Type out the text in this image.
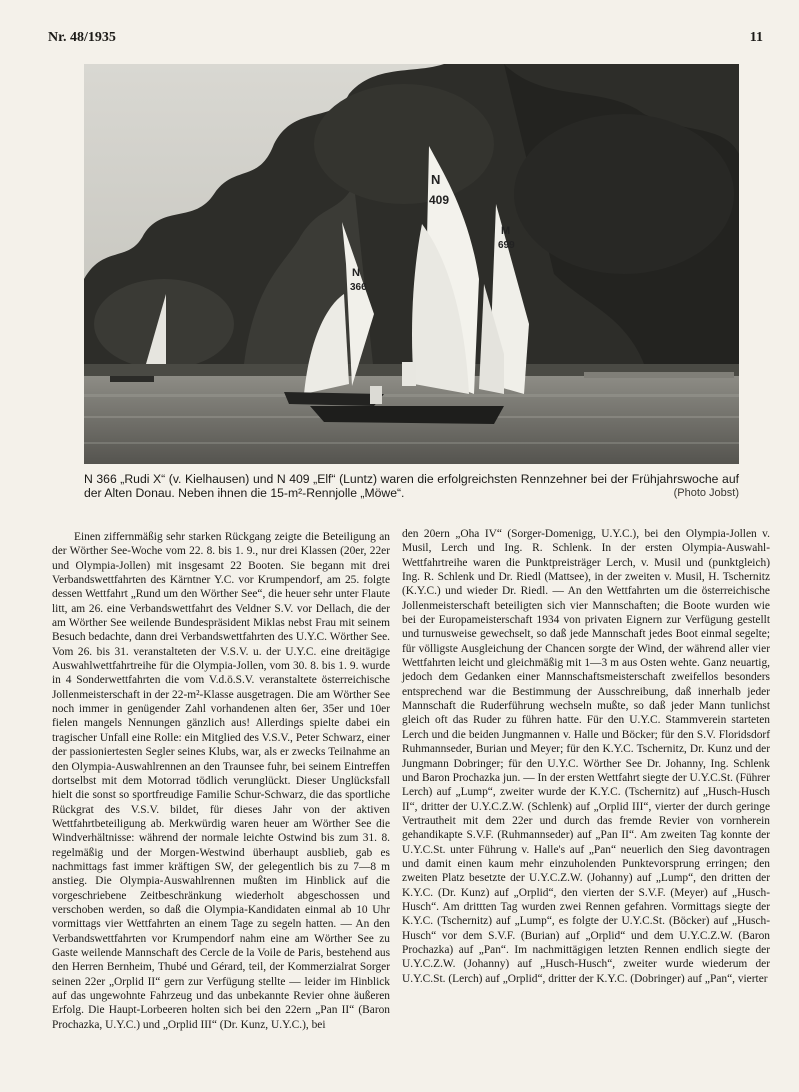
Nr. 48/1935	11
N
366
N
409
M
699
N 366 „Rudi X“ (v. Kielhausen) und N 409 „Elf“ (Luntz) waren die erfolgreichsten Rennzehner bei der Frühjahrswoche auf der Alten Donau. Neben ihnen die 15-m²-Rennjolle „Möwe“.	(Photo Jobst)

Einen ziffernmäßig sehr starken Rückgang zeigte die Beteiligung an der Wörther See-Woche vom 22. 8. bis 1. 9., nur drei Klassen (20er, 22er und Olympia-Jollen) mit insgesamt 22 Booten. Sie begann mit drei Verbandswettfahrten des Kärntner Y.C. vor Krumpendorf, am 25. folgte dessen Wettfahrt „Rund um den Wörther See“, die heuer sehr unter Flaute litt, am 26. eine Verbandswettfahrt des Veldner S.V. vor Dellach, die der am Wörther See weilende Bundespräsident Miklas nebst Frau mit seinem Besuch bedachte, dann drei Verbandswettfahrten des U.Y.C. Wörther See. Vom 26. bis 31. veranstalteten der V.S.V. u. der U.Y.C. eine dreitägige Auswahlwettfahrtreihe für die Olympia-Jollen, vom 30. 8. bis 1. 9. wurde in 4 Sonderwettfahrten die vom V.d.ö.S.V. veranstaltete österreichische Jollenmeisterschaft in der 22-m²-Klasse ausgetragen. Die am Wörther See noch immer in genügender Zahl vorhandenen alten 6er, 35er und 10er fielen mangels Nennungen gänzlich aus! Allerdings spielte dabei ein tragischer Unfall eine Rolle: ein Mitglied des V.S.V., Peter Schwarz, einer der passioniertesten Segler seines Klubs, war, als er zwecks Teilnahme an den Olympia-Auswahlrennen an den Traunsee fuhr, bei seinem Eintreffen dortselbst mit dem Motorrad tödlich verunglückt. Dieser Unglücksfall hielt die sonst so sportfreudige Familie Schur-Schwarz, die das sportliche Rückgrat des V.S.V. bildet, für dieses Jahr von der aktiven Wettfahrtbeteiligung ab. Merkwürdig waren heuer am Wörther See die Windverhältnisse: während der normale leichte Ostwind bis zum 31. 8. regelmäßig und der Morgen-Westwind überhaupt ausblieb, gab es nachmittags fast immer kräftigen SW, der gelegentlich bis zu 7—8 m anstieg. Die Olympia-Auswahlrennen mußten im Hinblick auf die vorgeschriebene Zeitbeschränkung wiederholt abgeschossen und verschoben werden, so daß die Olympia-Kandidaten einmal ab 10 Uhr vormittags vier Wettfahrten an einem Tage zu segeln hatten. — An den Verbandswettfahrten vor Krumpendorf nahm eine am Wörther See zu Gaste weilende Mannschaft des Cercle de la Voile de Paris, bestehend aus den Herren Bernheim, Thubé und Gérard, teil, der Kommerzialrat Sorger seinen 22er „Orplid II“ gern zur Verfügung stellte — leider im Hinblick auf das ungewohnte Fahrzeug und das unbekannte Revier ohne äußeren Erfolg. Die Haupt-Lorbeeren holten sich bei den 22ern „Pan II“ (Baron Prochazka, U.Y.C.) und „Orplid III“ (Dr. Kunz, U.Y.C.), bei

den 20ern „Oha IV“ (Sorger-Domenigg, U.Y.C.), bei den Olympia-Jollen v. Musil, Lerch und Ing. R. Schlenk. In der ersten Olympia-Auswahl-Wettfahrtreihe waren die Punktpreisträger Lerch, v. Musil und (punktgleich) Ing. R. Schlenk und Dr. Riedl (Mattsee), in der zweiten v. Musil, H. Tschernitz (K.Y.C.) und wieder Dr. Riedl. — An den Wettfahrten um die österreichische Jollenmeisterschaft beteiligten sich vier Mannschaften; die Boote wurden wie bei der Europameisterschaft 1934 von privaten Eignern zur Verfügung gestellt und turnusweise gewechselt, so daß jede Mannschaft jedes Boot einmal segelte; für völligste Ausgleichung der Chancen sorgte der Wind, der während aller vier Wettfahrten leicht und gleichmäßig mit 1—3 m aus Osten wehte. Ganz neuartig, jedoch dem Gedanken einer Mannschaftsmeisterschaft zweifellos besonders entsprechend war die Bestimmung der Ausschreibung, daß innerhalb jeder Mannschaft die Ruderführung wechseln mußte, so daß jeder Mann tunlichst gleich oft das Ruder zu führen hatte. Für den U.Y.C. Stammverein starteten Lerch und die beiden Jungmannen v. Halle und Böcker; für den S.V. Floridsdorf Ruhmannseder, Burian und Meyer; für den K.Y.C. Tschernitz, Dr. Kunz und der Jungmann Dobringer; für den U.Y.C. Wörther See Dr. Johanny, Ing. Schlenk und Baron Prochazka jun. — In der ersten Wettfahrt siegte der U.Y.C.St. (Führer Lerch) auf „Lump“, zweiter wurde der K.Y.C. (Tschernitz) auf „Husch-Husch II“, dritter der U.Y.C.Z.W. (Schlenk) auf „Orplid III“, vierter der durch geringe Vertrautheit mit dem 22er und durch das fremde Revier von vornherein gehandikapte S.V.F. (Ruhmannseder) auf „Pan II“. Am zweiten Tag konnte der U.Y.C.St. unter Führung v. Halle's auf „Pan“ neuerlich den Sieg davontragen und damit einen kaum mehr einzuholenden Punktevorsprung erringen; den zweiten Platz besetzte der U.Y.C.Z.W. (Johanny) auf „Lump“, den dritten der K.Y.C. (Dr. Kunz) auf „Orplid“, den vierten der S.V.F. (Meyer) auf „Husch-Husch“. Am drittten Tag wurden zwei Rennen gefahren. Vormittags siegte der K.Y.C. (Tschernitz) auf „Lump“, es folgte der U.Y.C.St. (Böcker) auf „Husch-Husch“ vor dem S.V.F. (Burian) auf „Orplid“ und dem U.Y.C.Z.W. (Baron Prochazka) auf „Pan“. Im nachmittägigen letzten Rennen endlich siegte der U.Y.C.Z.W. (Johanny) auf „Husch-Husch“, zweiter wurde wiederum der U.Y.C.St. (Lerch) auf „Orplid“, dritter der K.Y.C. (Dobringer) auf „Pan“, vierter
